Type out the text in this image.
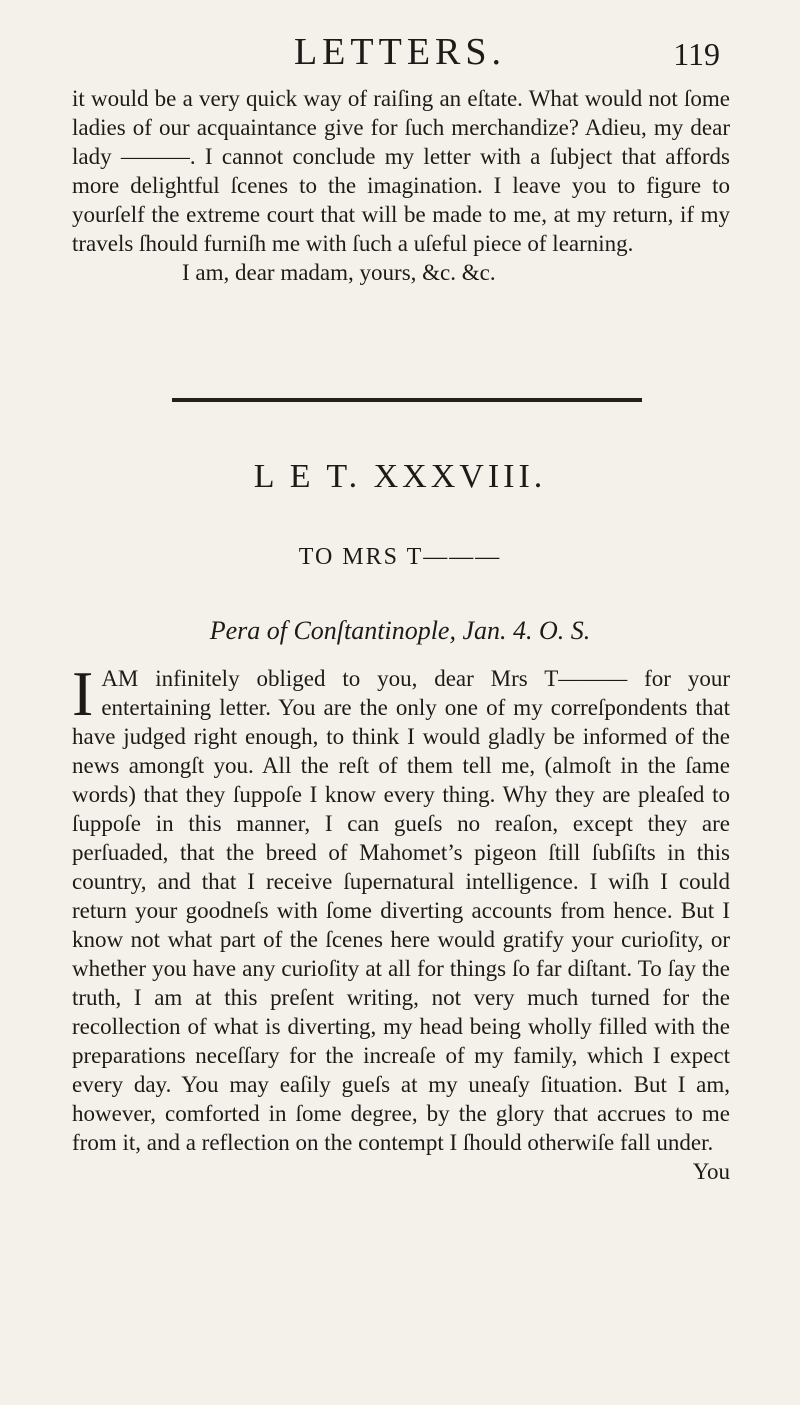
LETTERS.	119

it would be a very quick way of raiſing an eſtate. What would not ſome ladies of our acquaintance give for ſuch merchandize? Adieu, my dear lady ———. I cannot conclude my letter with a ſubject that affords more delightful ſcenes to the imagination. I leave you to figure to yourſelf the extreme court that will be made to me, at my return, if my travels ſhould furniſh me with ſuch a uſeful piece of learning.

I am, dear madam, yours, &c. &c.

L E T. XXXVIII.
TO MRS T———
Pera of Conſtantinople, Jan. 4. O. S.

I AM infinitely obliged to you, dear Mrs T——— for your entertaining letter. You are the only one of my correſpondents that have judged right enough, to think I would gladly be informed of the news amongſt you. All the reſt of them tell me, (almoſt in the ſame words) that they ſuppoſe I know every thing. Why they are pleaſed to ſuppoſe in this manner, I can gueſs no reaſon, except they are perſuaded, that the breed of Mahomet’s pigeon ſtill ſubſiſts in this country, and that I receive ſupernatural intelligence. I wiſh I could return your goodneſs with ſome diverting accounts from hence. But I know not what part of the ſcenes here would gratify your curioſity, or whether you have any curioſity at all for things ſo far diſtant. To ſay the truth, I am at this preſent writing, not very much turned for the recollection of what is diverting, my head being wholly filled with the preparations neceſſary for the increaſe of my family, which I expect every day. You may eaſily gueſs at my uneaſy ſituation. But I am, however, comforted in ſome degree, by the glory that accrues to me from it, and a reflection on the contempt I ſhould otherwiſe fall under.

You
